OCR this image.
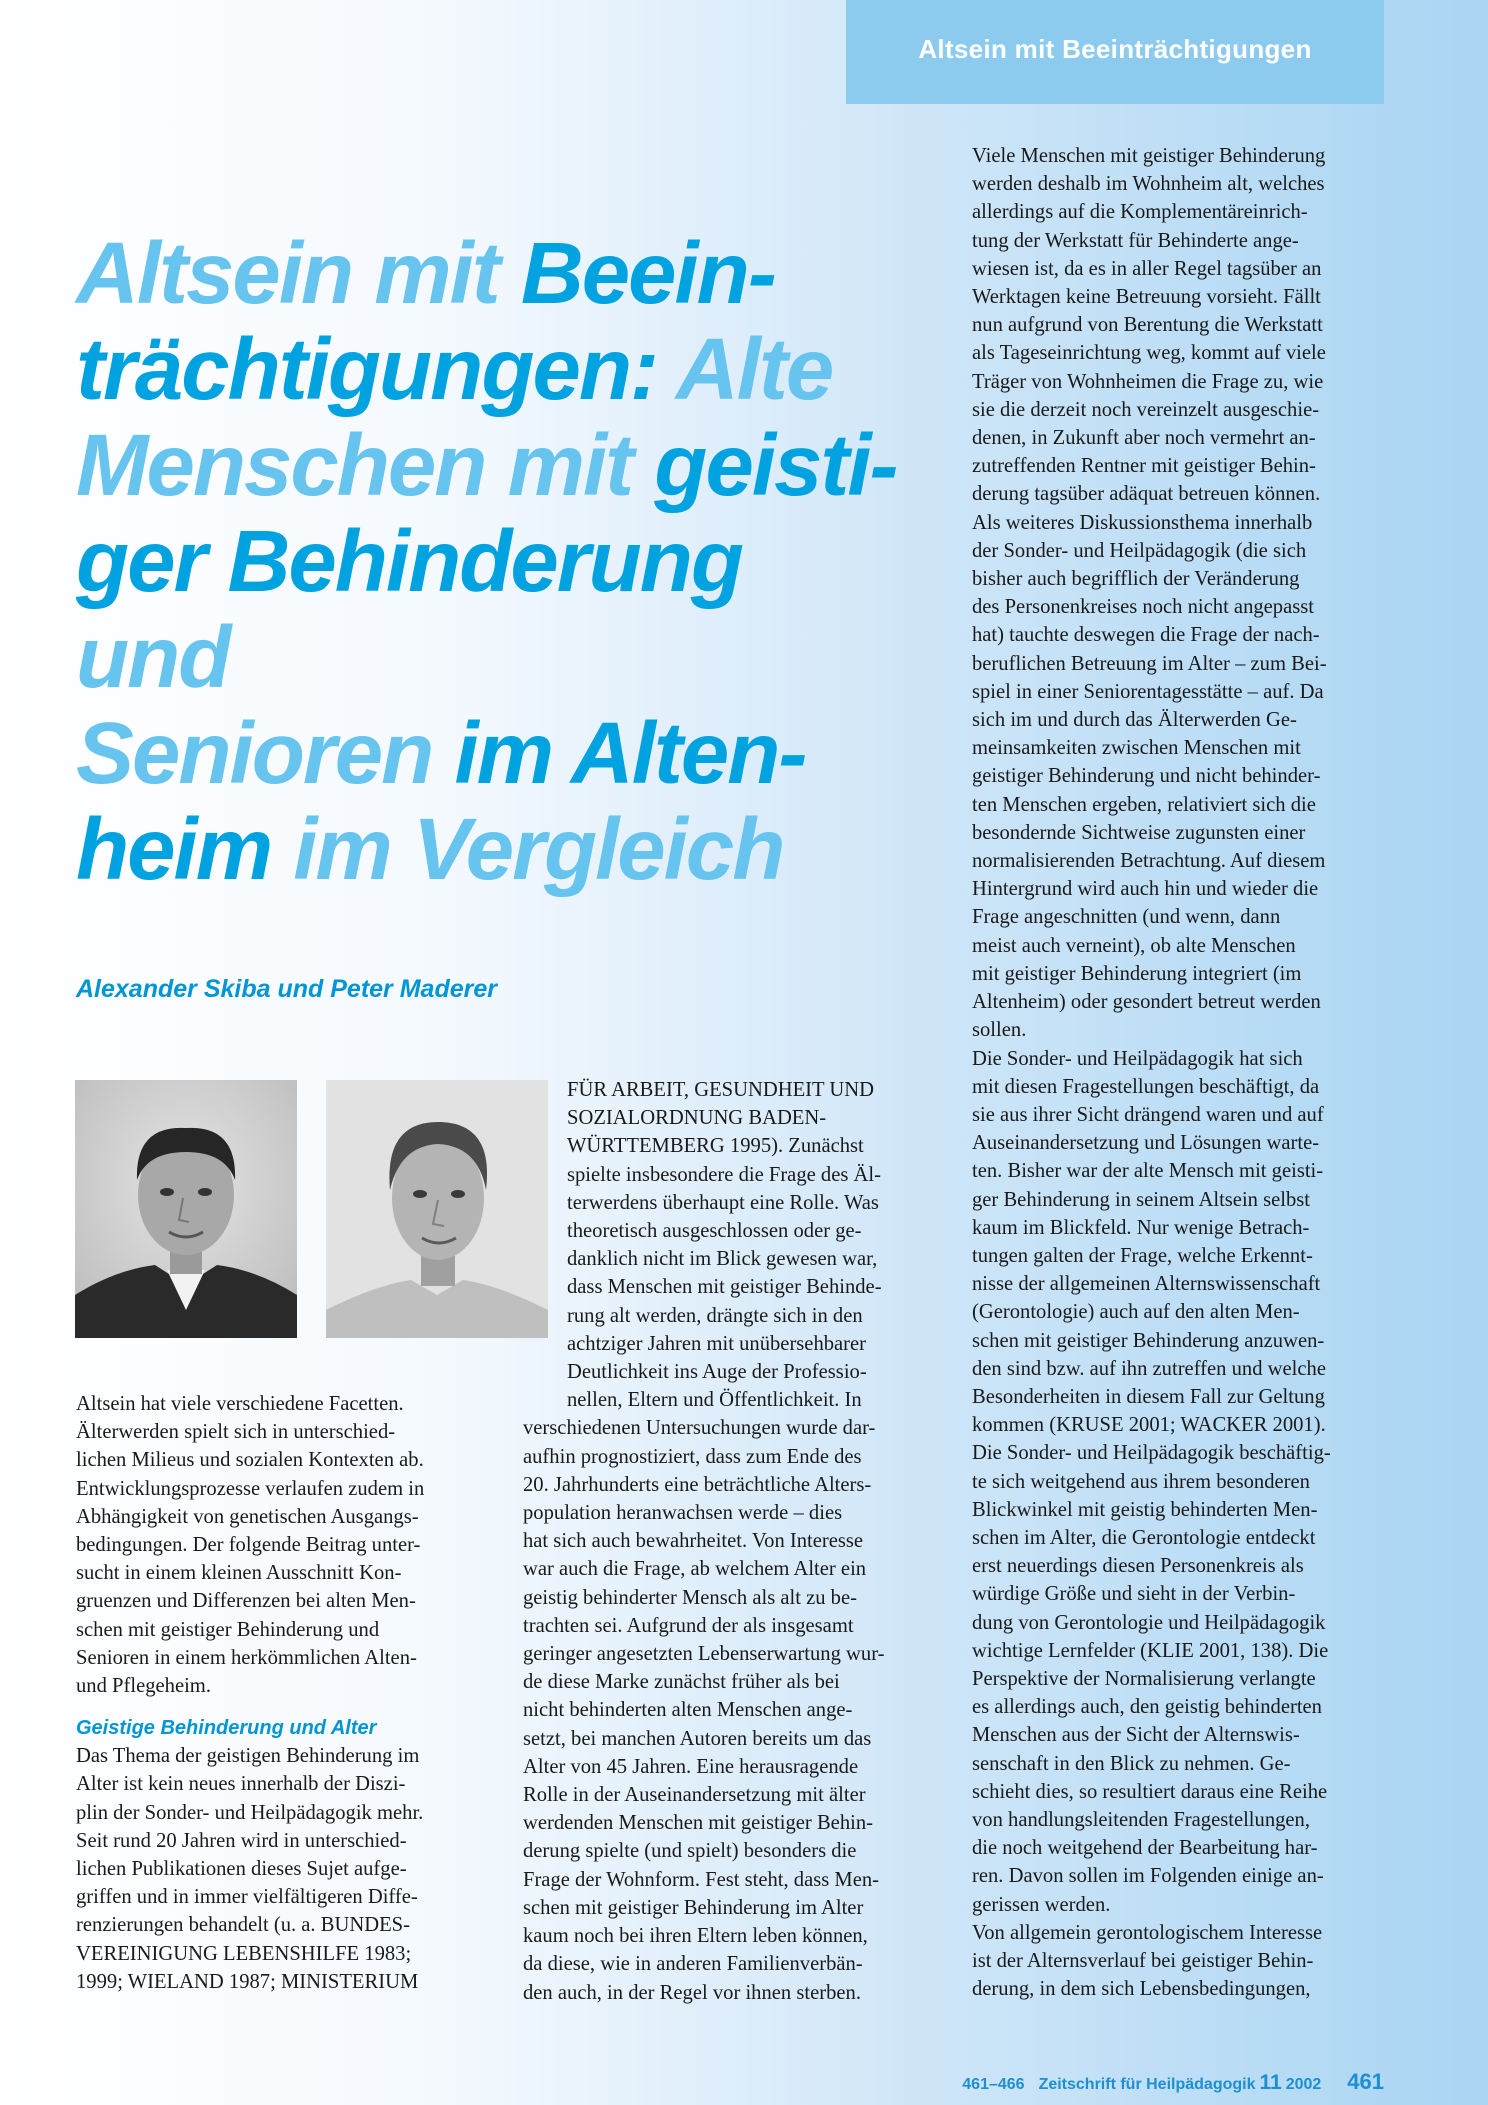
Altsein mit Beeinträchtigungen
Altsein mit Beein-
trächtigungen: Alte
Menschen mit geisti-
ger Behinderung und
Senioren im Alten-
heim im Vergleich
Alexander Skiba und Peter Maderer

Altsein hat viele verschiedene Facetten.

Älterwerden spielt sich in unterschied-

lichen Milieus und sozialen Kontexten ab.

Entwicklungsprozesse verlaufen zudem in

Abhängigkeit von genetischen Ausgangs-

bedingungen. Der folgende Beitrag unter-

sucht in einem kleinen Ausschnitt Kon-

gruenzen und Differenzen bei alten Men-

schen mit geistiger Behinderung und

Senioren in einem herkömmlichen Alten-

und Pflegeheim.

Geistige Behinderung und Alter

Das Thema der geistigen Behinderung im

Alter ist kein neues innerhalb der Diszi-

plin der Sonder- und Heilpädagogik mehr.

Seit rund 20 Jahren wird in unterschied-

lichen Publikationen dieses Sujet aufge-

griffen und in immer vielfältigeren Diffe-

renzierungen behandelt (u. a. BUNDES-

VEREINIGUNG LEBENSHILFE 1983;

1999; WIELAND 1987; MINISTERIUM

FÜR ARBEIT, GESUNDHEIT UND

SOZIALORDNUNG BADEN-

WÜRTTEMBERG 1995). Zunächst

spielte insbesondere die Frage des Äl-

terwerdens überhaupt eine Rolle. Was

theoretisch ausgeschlossen oder ge-

danklich nicht im Blick gewesen war,

dass Menschen mit geistiger Behinde-

rung alt werden, drängte sich in den

achtziger Jahren mit unübersehbarer

Deutlichkeit ins Auge der Professio-

nellen, Eltern und Öffentlichkeit. In

verschiedenen Untersuchungen wurde dar-

aufhin prognostiziert, dass zum Ende des

20. Jahrhunderts eine beträchtliche Alters-

population heranwachsen werde – dies

hat sich auch bewahrheitet. Von Interesse

war auch die Frage, ab welchem Alter ein

geistig behinderter Mensch als alt zu be-

trachten sei. Aufgrund der als insgesamt

geringer angesetzten Lebenserwartung wur-

de diese Marke zunächst früher als bei

nicht behinderten alten Menschen ange-

setzt, bei manchen Autoren bereits um das

Alter von 45 Jahren. Eine herausragende

Rolle in der Auseinandersetzung mit älter

werdenden Menschen mit geistiger Behin-

derung spielte (und spielt) besonders die

Frage der Wohnform. Fest steht, dass Men-

schen mit geistiger Behinderung im Alter

kaum noch bei ihren Eltern leben können,

da diese, wie in anderen Familienverbän-

den auch, in der Regel vor ihnen sterben.

Viele Menschen mit geistiger Behinderung

werden deshalb im Wohnheim alt, welches

allerdings auf die Komplementäreinrich-

tung der Werkstatt für Behinderte ange-

wiesen ist, da es in aller Regel tagsüber an

Werktagen keine Betreuung vorsieht. Fällt

nun aufgrund von Berentung die Werkstatt

als Tageseinrichtung weg, kommt auf viele

Träger von Wohnheimen die Frage zu, wie

sie die derzeit noch vereinzelt ausgeschie-

denen, in Zukunft aber noch vermehrt an-

zutreffenden Rentner mit geistiger Behin-

derung tagsüber adäquat betreuen können.

Als weiteres Diskussionsthema innerhalb

der Sonder- und Heilpädagogik (die sich

bisher auch begrifflich der Veränderung

des Personenkreises noch nicht angepasst

hat) tauchte deswegen die Frage der nach-

beruflichen Betreuung im Alter – zum Bei-

spiel in einer Seniorentagesstätte – auf. Da

sich im und durch das Älterwerden Ge-

meinsamkeiten zwischen Menschen mit

geistiger Behinderung und nicht behinder-

ten Menschen ergeben, relativiert sich die

besondernde Sichtweise zugunsten einer

normalisierenden Betrachtung. Auf diesem

Hintergrund wird auch hin und wieder die

Frage angeschnitten (und wenn, dann

meist auch verneint), ob alte Menschen

mit geistiger Behinderung integriert (im

Altenheim) oder gesondert betreut werden

sollen.

Die Sonder- und Heilpädagogik hat sich

mit diesen Fragestellungen beschäftigt, da

sie aus ihrer Sicht drängend waren und auf

Auseinandersetzung und Lösungen warte-

ten. Bisher war der alte Mensch mit geisti-

ger Behinderung in seinem Altsein selbst

kaum im Blickfeld. Nur wenige Betrach-

tungen galten der Frage, welche Erkennt-

nisse der allgemeinen Alternswissenschaft

(Gerontologie) auch auf den alten Men-

schen mit geistiger Behinderung anzuwen-

den sind bzw. auf ihn zutreffen und welche

Besonderheiten in diesem Fall zur Geltung

kommen (KRUSE 2001; WACKER 2001).

Die Sonder- und Heilpädagogik beschäftig-

te sich weitgehend aus ihrem besonderen

Blickwinkel mit geistig behinderten Men-

schen im Alter, die Gerontologie entdeckt

erst neuerdings diesen Personenkreis als

würdige Größe und sieht in der Verbin-

dung von Gerontologie und Heilpädagogik

wichtige Lernfelder (KLIE 2001, 138). Die

Perspektive der Normalisierung verlangte

es allerdings auch, den geistig behinderten

Menschen aus der Sicht der Alternswis-

senschaft in den Blick zu nehmen. Ge-

schieht dies, so resultiert daraus eine Reihe

von handlungsleitenden Fragestellungen,

die noch weitgehend der Bearbeitung har-

ren. Davon sollen im Folgenden einige an-

gerissen werden.

Von allgemein gerontologischem Interesse

ist der Alternsverlauf bei geistiger Behin-

derung, in dem sich Lebensbedingungen,

461–466 Zeitschrift für Heilpädagogik 11 2002 461
